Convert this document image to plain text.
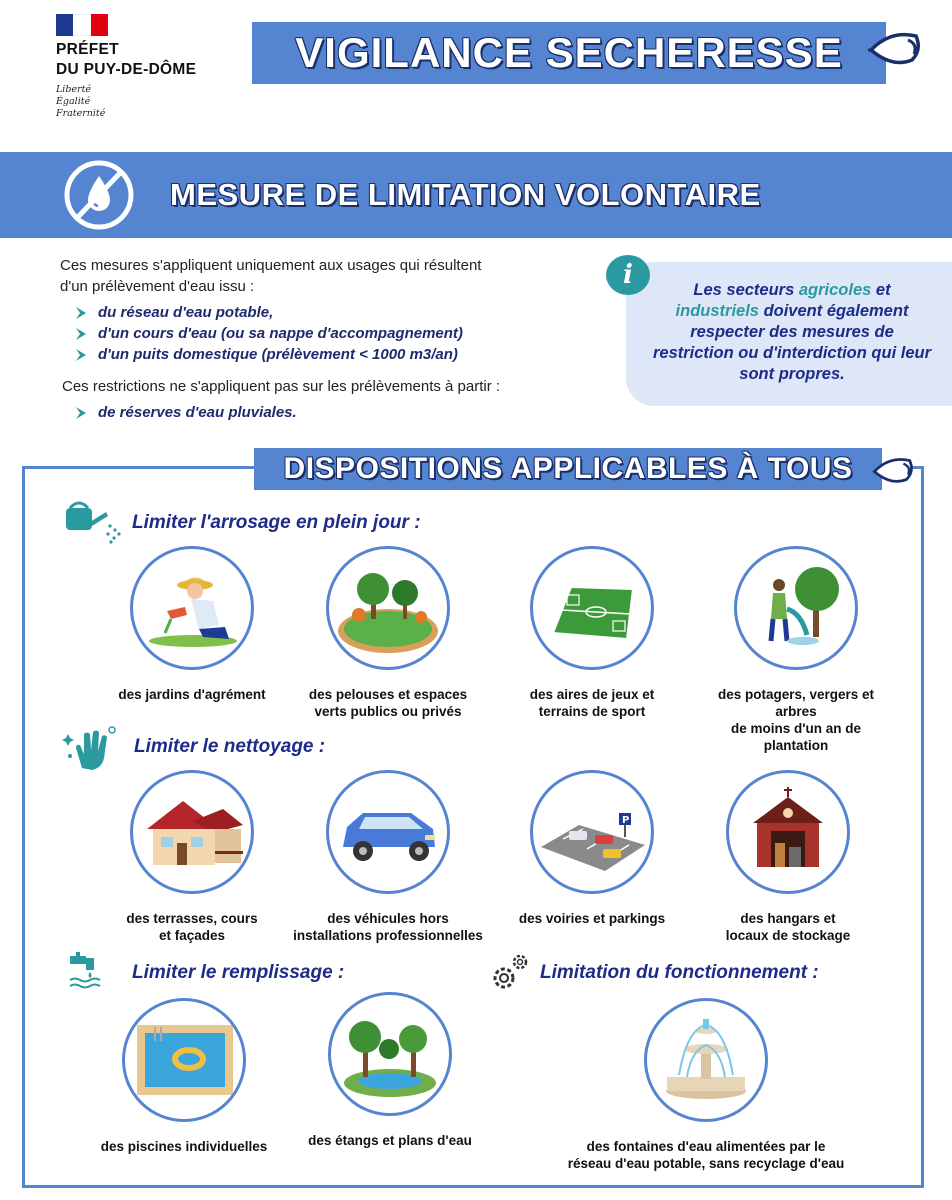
PRÉFET
DU PUY-DE-DÔME
Liberté
Égalité
Fraternité
VIGILANCE SECHERESSE
MESURE DE LIMITATION VOLONTAIRE
Ces mesures s'appliquent uniquement aux usages qui résultent
d'un prélèvement d'eau issu :
du réseau d'eau potable,
d'un cours d'eau (ou sa nappe d'accompagnement)
d'un puits domestique (prélèvement < 1000 m3/an)
Ces restrictions ne s'appliquent pas sur les prélèvements à partir :
de réserves d'eau pluviales.
i	Les secteurs agricoles et
industriels doivent également respecter des mesures de restriction ou d'interdiction qui leur sont propres.
DISPOSITIONS APPLICABLES À TOUS
Limiter l'arrosage en plein jour :
des jardins d'agrément	des pelouses et espaces
verts publics ou privés
des aires de jeux et
terrains de sport
des potagers, vergers et arbres
de moins d'un an de plantation
Limiter le nettoyage :
des terrasses, cours
et façades
des véhicules hors
installations professionnelles
P
des voiries et parkings	des hangars et
locaux de stockage
Limiter le remplissage :
des piscines individuelles	des étangs et plans d'eau
Limitation du fonctionnement :
des fontaines d'eau alimentées par le
réseau d'eau potable, sans recyclage d'eau
